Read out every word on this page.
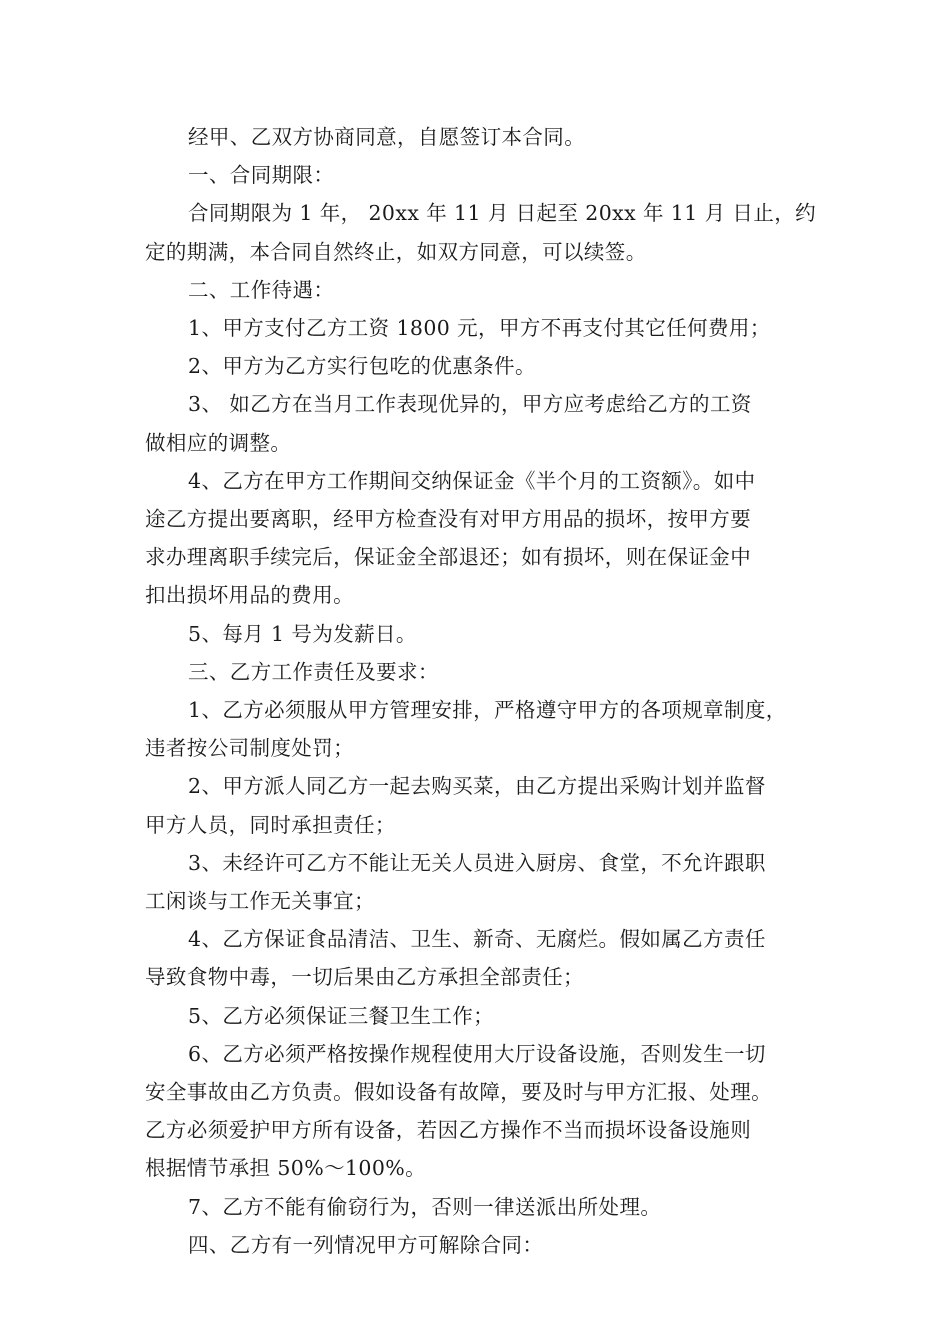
经甲、乙双方协商同意，自愿签订本合同。
一、合同期限：
合同期限为 1 年， 20xx 年 11 月 日起至 20xx 年 11 月 日止，约
定的期满，本合同自然终止，如双方同意，可以续签。
二、工作待遇：
1、甲方支付乙方工资 1800 元，甲方不再支付其它任何费用；
2、甲方为乙方实行包吃的优惠条件。
3、 如乙方在当月工作表现优异的，甲方应考虑给乙方的工资
做相应的调整。
4、乙方在甲方工作期间交纳保证金《半个月的工资额》。如中
途乙方提出要离职，经甲方检查没有对甲方用品的损坏，按甲方要
求办理离职手续完后，保证金全部退还；如有损坏，则在保证金中
扣出损坏用品的费用。
5、每月 1 号为发薪日。
三、乙方工作责任及要求：
1、乙方必须服从甲方管理安排，严格遵守甲方的各项规章制度，
违者按公司制度处罚；
2、甲方派人同乙方一起去购买菜，由乙方提出采购计划并监督
甲方人员，同时承担责任；
3、未经许可乙方不能让无关人员进入厨房、食堂，不允许跟职
工闲谈与工作无关事宜；
4、乙方保证食品清洁、卫生、新奇、无腐烂。假如属乙方责任
导致食物中毒，一切后果由乙方承担全部责任；
5、乙方必须保证三餐卫生工作；
6、乙方必须严格按操作规程使用大厅设备设施，否则发生一切
安全事故由乙方负责。假如设备有故障，要及时与甲方汇报、处理。
乙方必须爱护甲方所有设备，若因乙方操作不当而损坏设备设施则
根据情节承担 50%～100%。
7、乙方不能有偷窃行为，否则一律送派出所处理。
四、乙方有一列情况甲方可解除合同：
